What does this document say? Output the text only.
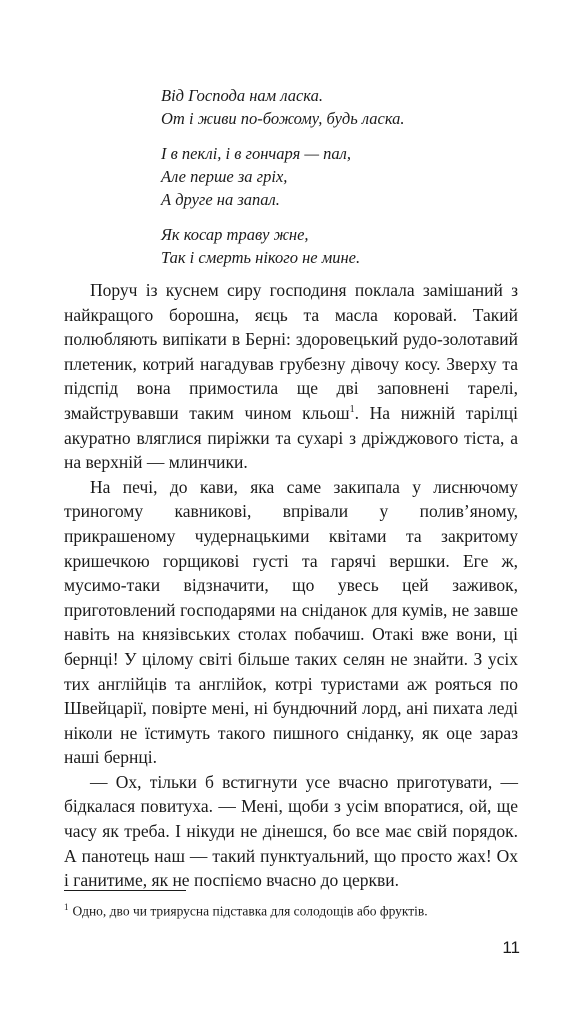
Від Господа нам ласка.
От і живи по-божому, будь ласка.
І в пеклі, і в гончаря — пал,
Але перше за гріх,
А друге на запал.
Як косар траву жне,
Так і смерть нікого не мине.

Поруч із куснем сиру господиня поклала замішаний з найкращого борошна, яєць та масла коровай. Такий полюбляють випікати в Берні: здоровецький рудо-золотавий плетеник, котрий нагадував грубезну дівочу косу. Зверху та підспід вона примостила ще дві заповнені тарелі, змайструвавши таким чином кльош$^1$. На нижній тарілці акуратно вляглися пиріжки та сухарі з дріжджового тіста, а на верхній — млинчики.

На печі, до кави, яка саме закипала у лиснючому триногому кавникові, впрівали у полив’яному, прикрашеному чудернацькими квітами та закритому кришечкою горщикові густі та гарячі вершки. Еге ж, мусимо-таки відзначити, що увесь цей заживок, приготовлений господарями на сніданок для кумів, не завше навіть на князівських столах побачиш. Отакі вже вони, ці бернці! У цілому світі більше таких селян не знайти. З усіх тих англійців та англійок, котрі туристами аж рояться по Швейцарії, повірте мені, ні бундючний лорд, ані пихата леді ніколи не їстимуть такого пишного сніданку, як оце зараз наші бернці.

— Ох, тільки б встигнути усе вчасно приготувати, — бідкалася повитуха. — Мені, щоби з усім впоратися, ой, ще часу як треба. І нікуди не дінешся, бо все має свій порядок. А панотець наш — такий пунктуальний, що просто жах! Ох і ганитиме, як не поспіємо вчасно до церкви.

$^1$ Одно, дво чи триярусна підставка для солодощів або фруктів.
11
